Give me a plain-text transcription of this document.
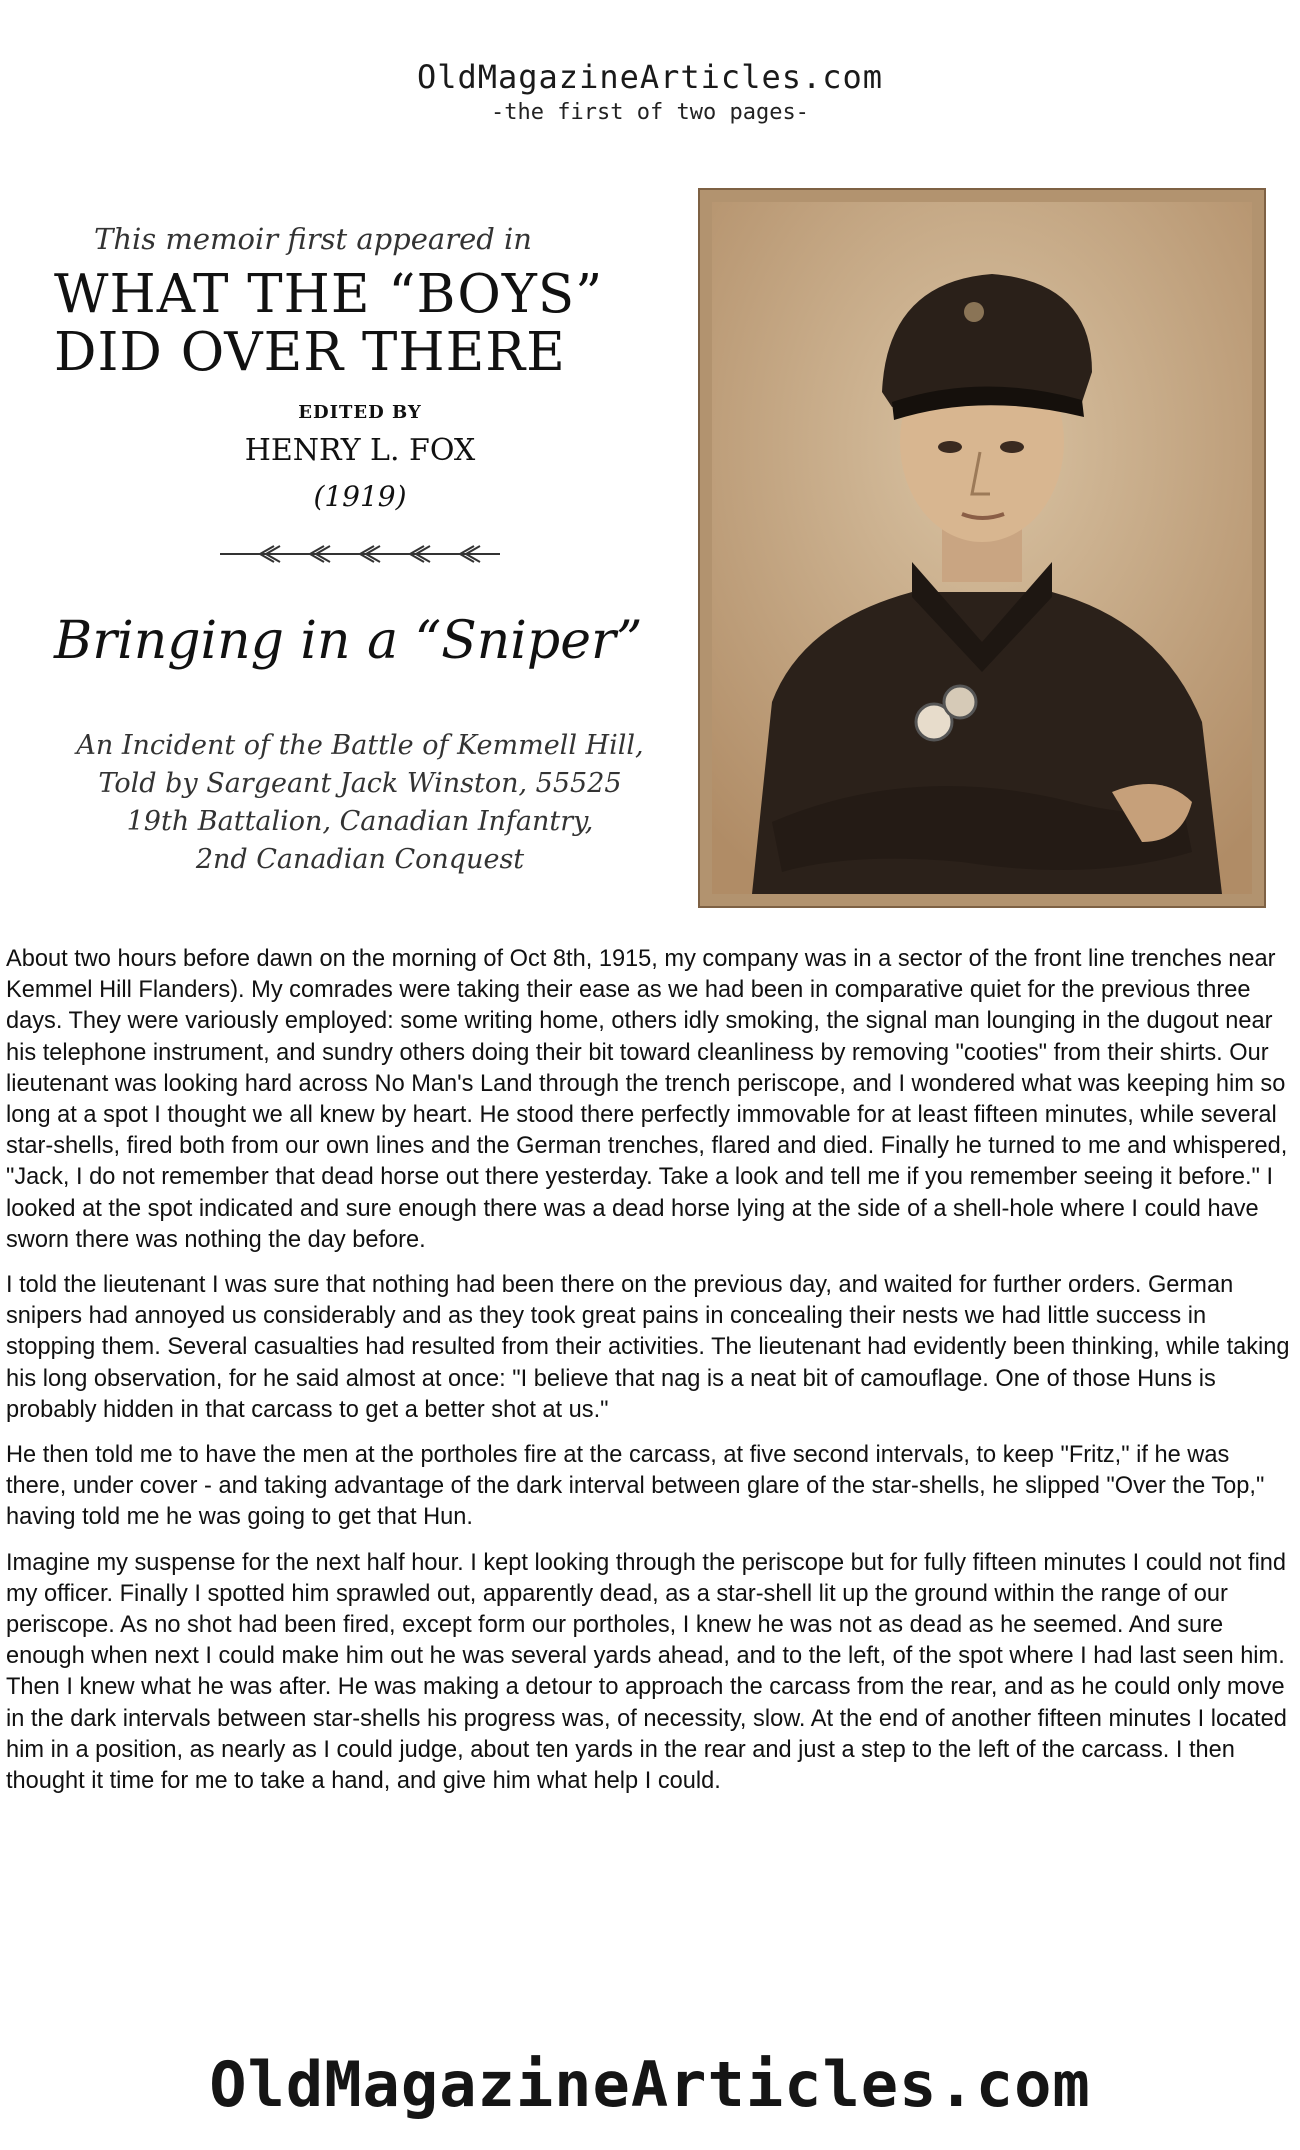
OldMagazineArticles.com
-the first of two pages-
This memoir first appeared in
WHAT THE “BOYS”
DID OVER THERE
EDITED BY
HENRY L. FOX
(1919)
Bringing in a “Sniper”
An Incident of the Battle of Kemmell Hill,
Told by Sargeant Jack Winston, 55525
19th Battalion, Canadian Infantry,
2nd Canadian Conquest

About two hours before dawn on the morning of Oct 8th, 1915, my company was in a sector of the front line trenches near Kemmel Hill Flanders). My comrades were taking their ease as we had been in comparative quiet for the previous three days. They were variously employed: some writing home, others idly smoking, the signal man lounging in the dugout near his telephone instrument, and sundry others doing their bit toward cleanliness by removing "cooties" from their shirts. Our lieutenant was looking hard across No Man's Land through the trench periscope, and I wondered what was keeping him so long at a spot I thought we all knew by heart. He stood there perfectly immovable for at least fifteen minutes, while several star-shells, fired both from our own lines and the German trenches, flared and died. Finally he turned to me and whispered, "Jack, I do not remember that dead horse out there yesterday. Take a look and tell me if you remember seeing it before." I looked at the spot indicated and sure enough there was a dead horse lying at the side of a shell-hole where I could have sworn there was nothing the day before.

I told the lieutenant I was sure that nothing had been there on the previous day, and waited for further orders. German snipers had annoyed us considerably and as they took great pains in concealing their nests we had little success in stopping them. Several casualties had resulted from their activities. The lieutenant had evidently been thinking, while taking his long observation, for he said almost at once: "I believe that nag is a neat bit of camouflage. One of those Huns is probably hidden in that carcass to get a better shot at us."

He then told me to have the men at the portholes fire at the carcass, at five second intervals, to keep "Fritz," if he was there, under cover - and taking advantage of the dark interval between glare of the star-shells, he slipped "Over the Top," having told me he was going to get that Hun.

Imagine my suspense for the next half hour. I kept looking through the periscope but for fully fifteen minutes I could not find my officer. Finally I spotted him sprawled out, apparently dead, as a star-shell lit up the ground within the range of our periscope. As no shot had been fired, except form our portholes, I knew he was not as dead as he seemed. And sure enough when next I could make him out he was several yards ahead, and to the left, of the spot where I had last seen him. Then I knew what he was after. He was making a detour to approach the carcass from the rear, and as he could only move in the dark intervals between star-shells his progress was, of necessity, slow. At the end of another fifteen minutes I located him in a position, as nearly as I could judge, about ten yards in the rear and just a step to the left of the carcass. I then thought it time for me to take a hand, and give him what help I could.

OldMagazineArticles.com
